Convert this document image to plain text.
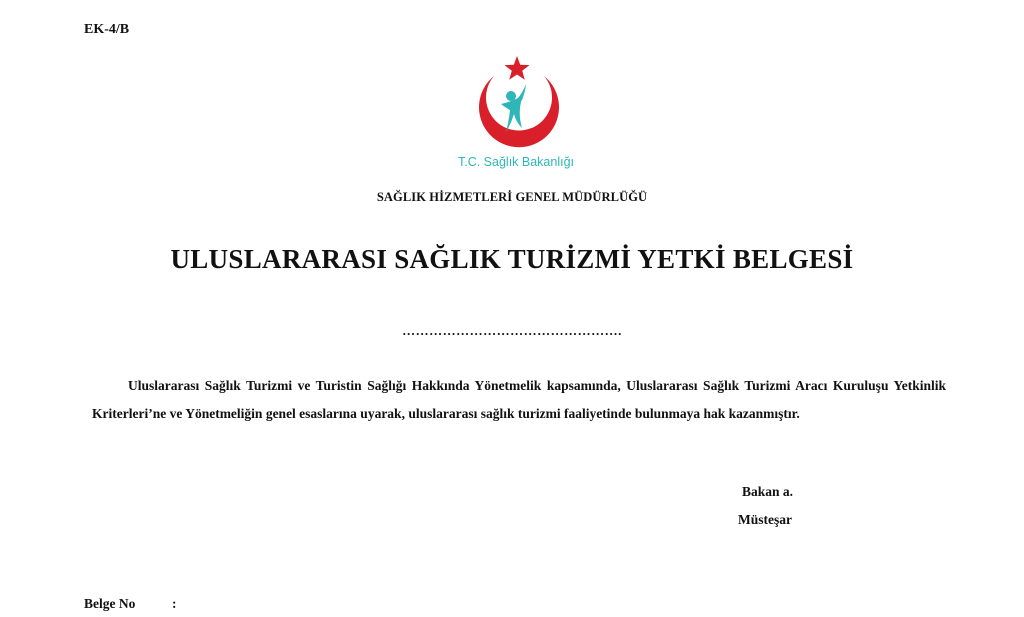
EK-4/B
T.C. Sağlık Bakanlığı
SAĞLIK HİZMETLERİ GENEL MÜDÜRLÜĞÜ
ULUSLARARASI SAĞLIK TURİZMİ YETKİ BELGESİ
………………………………………….
Uluslararası Sağlık Turizmi ve Turistin Sağlığı Hakkında Yönetmelik kapsamında, Uluslararası Sağlık Turizmi Aracı Kuruluşu Yetkinlik Kriterleri’ne ve Yönetmeliğin genel esaslarına uyarak, uluslararası sağlık turizmi faaliyetinde bulunmaya hak kazanmıştır.
Bakan a.
Müsteşar
Belge No	:
